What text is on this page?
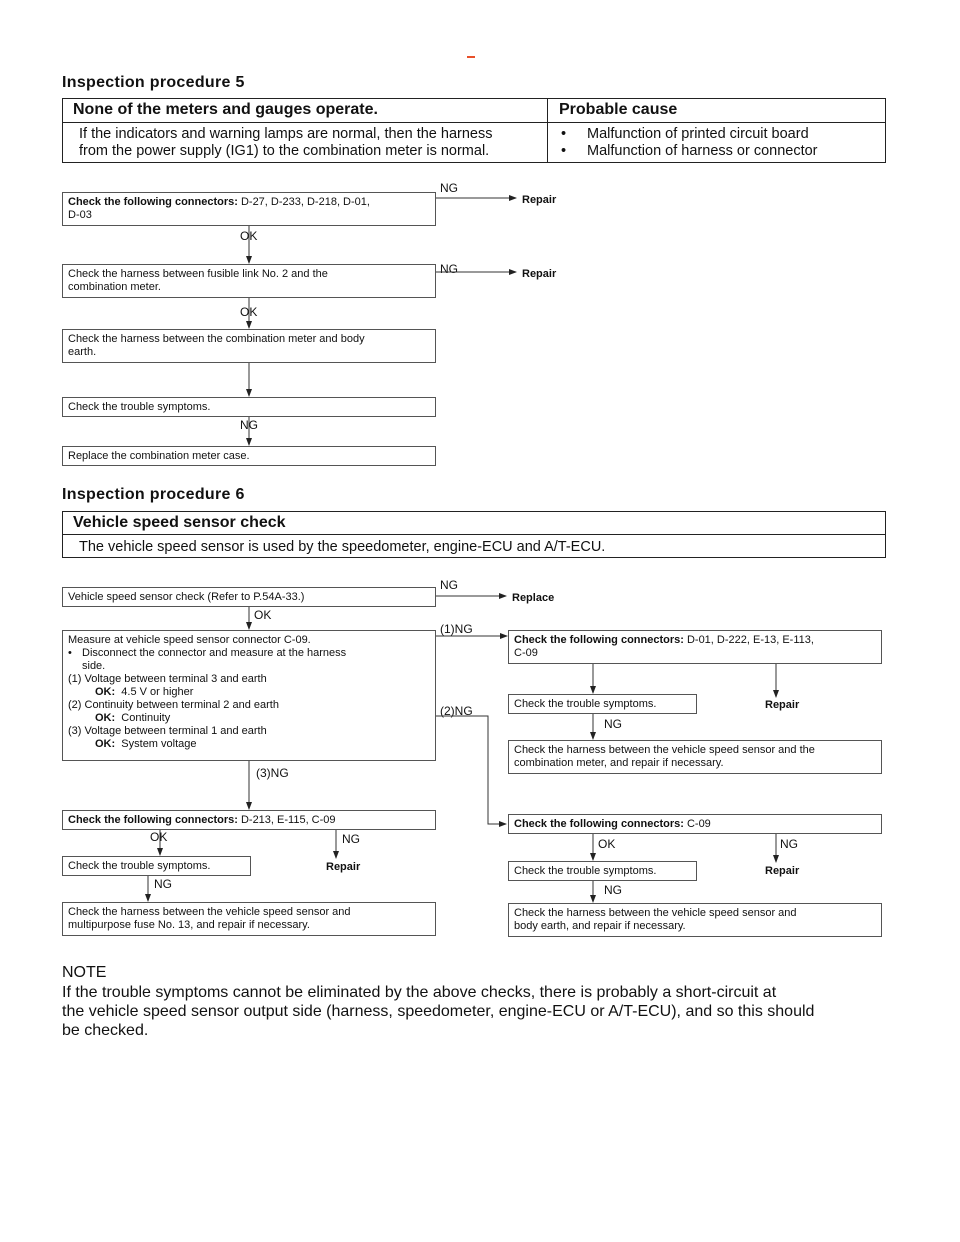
Inspection procedure 5
None of the meters and gauges operate.	Probable cause
If the indicators and warning lamps are normal, then the harness
from the power supply (IG1) to the combination meter is normal.
• Malfunction of printed circuit board
• Malfunction of harness or connector
Check the following connectors: D-27, D-233, D-218, D-01,
D-03
Check the harness between fusible link No. 2 and the
combination meter.
Check the harness between the combination meter and body
earth.
Check the trouble symptoms.
Replace the combination meter case.
NG
Repair
OK
NG	Repair
OK
NG
Inspection procedure 6
Vehicle speed sensor check
The vehicle speed sensor is used by the speedometer, engine-ECU and A/T-ECU.
Vehicle speed sensor check (Refer to P.54A-33.)
NG
Replace
OK
Measure at vehicle speed sensor connector C-09.
• Disconnect the connector and measure at the harness
side.
(1) Voltage between terminal 3 and earth
OK: 4.5 V or higher
(2) Continuity between terminal 2 and earth
OK: Continuity
(3) Voltage between terminal 1 and earth
OK: System voltage
(1)NG
(2)NG
(3)NG
Check the following connectors: D-01, D-222, E-13, E-113,
C-09
Check the trouble symptoms.	Repair
NG
Check the harness between the vehicle speed sensor and the
combination meter, and repair if necessary.
Check the following connectors: D-213, E-115, C-09
OK	NG
Check the trouble symptoms.	Repair
NG
Check the harness between the vehicle speed sensor and
multipurpose fuse No. 13, and repair if necessary.
Check the following connectors: C-09
OK	NG
Check the trouble symptoms.	Repair
NG
Check the harness between the vehicle speed sensor and
body earth, and repair if necessary.
NOTE
If the trouble symptoms cannot be eliminated by the above checks, there is probably a short-circuit at
the vehicle speed sensor output side (harness, speedometer, engine-ECU or A/T-ECU), and so this should
be checked.
